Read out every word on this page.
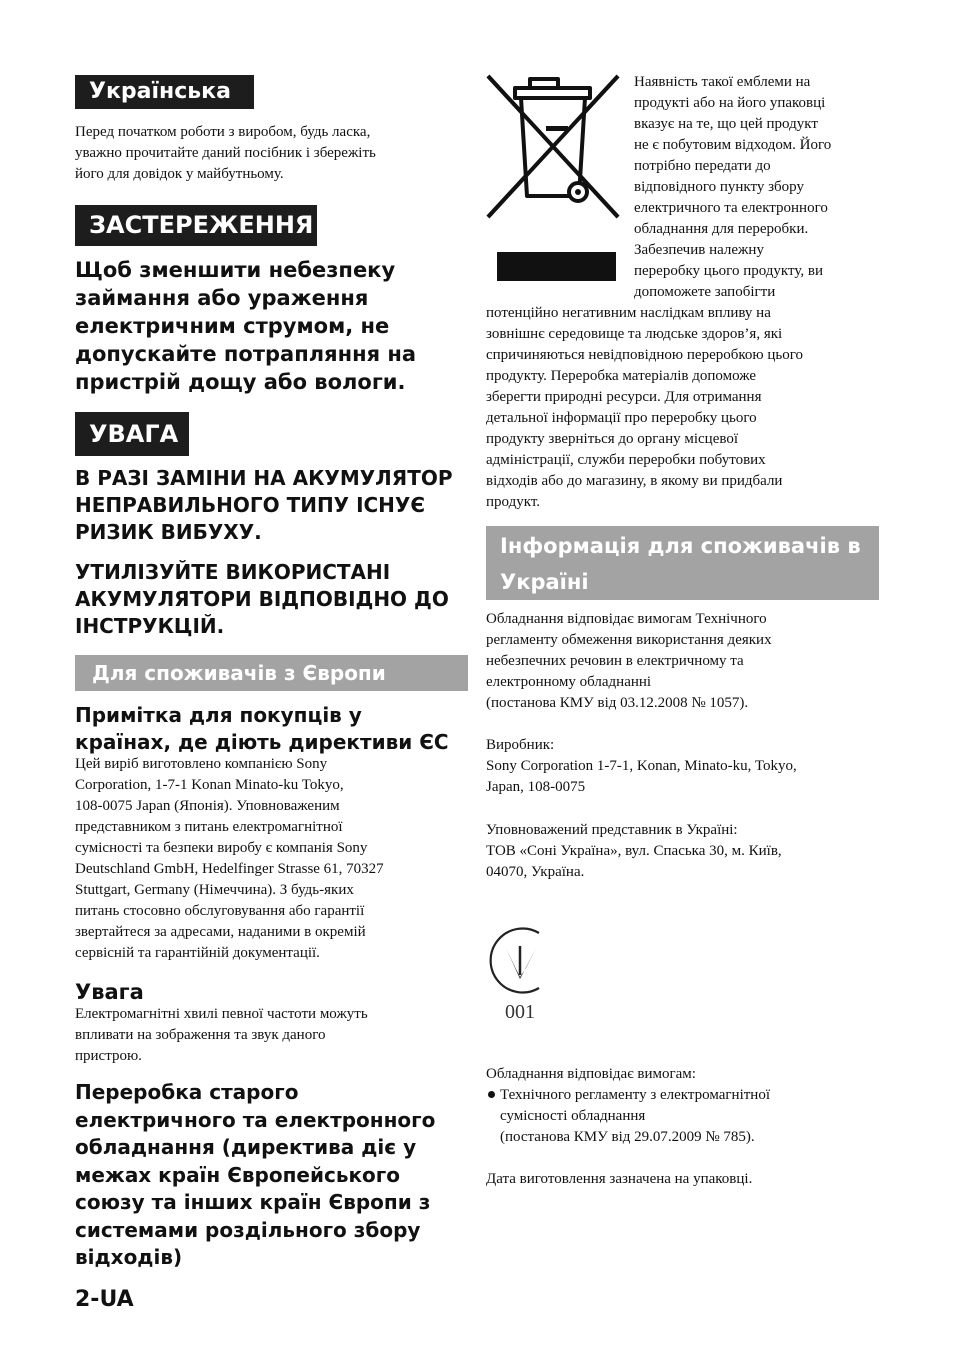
Українська
Перед початком роботи з виробом, будь ласка,
уважно прочитайте даний посібник і збережіть
його для довідок у майбутньому.
ЗАСТЕРЕЖЕННЯ
Щоб зменшити небезпеку
займання або ураження
електричним струмом, не
допускайте потрапляння на
пристрій дощу або вологи.
УВАГА
В РАЗІ ЗАМІНИ НА АКУМУЛЯТОР
НЕПРАВИЛЬНОГО ТИПУ ІСНУЄ
РИЗИК ВИБУХУ.
УТИЛІЗУЙТЕ ВИКОРИСТАНІ
АКУМУЛЯТОРИ ВІДПОВІДНО ДО
ІНСТРУКЦІЙ.
Для споживачів з Європи
Примітка для покупців у
країнах, де діють директиви ЄС
Цей виріб виготовлено компанією Sony
Corporation, 1-7-1 Konan Minato-ku Tokyo,
108-0075 Japan (Японія). Уповноваженим
представником з питань електромагнітної
сумісності та безпеки виробу є компанія Sony
Deutschland GmbH, Hedelfinger Strasse 61, 70327
Stuttgart, Germany (Німеччина). З будь-яких
питань стосовно обслуговування або гарантії
звертайтеся за адресами, наданими в окремій
сервісній та гарантійній документації.
Увага
Електромагнітні хвилі певної частоти можуть
впливати на зображення та звук даного
пристрою.
Переробка старого
електричного та електронного
обладнання (директива діє у
межах країн Європейського
союзу та інших країн Європи з
системами роздільного збору
відходів)
2-UA
Наявність такої емблеми на
продукті або на його упаковці
вказує на те, що цей продукт
не є побутовим відходом. Його
потрібно передати до
відповідного пункту збору
електричного та електронного
обладнання для переробки.
Забезпечив належну
переробку цього продукту, ви
допоможете запобігти
потенційно негативним наслідкам впливу на
зовнішнє середовище та людське здоров’я, які
спричиняються невідповідною переробкою цього
продукту. Переробка матеріалів допоможе
зберегти природні ресурси. Для отримання
детальної інформації про переробку цього
продукту зверніться до органу місцевої
адміністрації, служби переробки побутових
відходів або до магазину, в якому ви придбали
продукт.
Інформація для споживачів в
Україні
Обладнання відповідає вимогам Технічного
регламенту обмеження використання деяких
небезпечних речовин в електричному та
електронному обладнанні
(постанова КМУ від 03.12.2008 № 1057).
Виробник:
Sony Corporation 1-7-1, Konan, Minato-ku, Tokyo,
Japan, 108-0075
Уповноважений представник в Україні:
ТОВ «Соні Україна», вул. Спаська 30, м. Київ,
04070, Україна.
001
Обладнання відповідає вимогам:
Технічного регламенту з електромагнітної
сумісності обладнання
(постанова КМУ від 29.07.2009 № 785).
Дата виготовлення зазначена на упаковці.
